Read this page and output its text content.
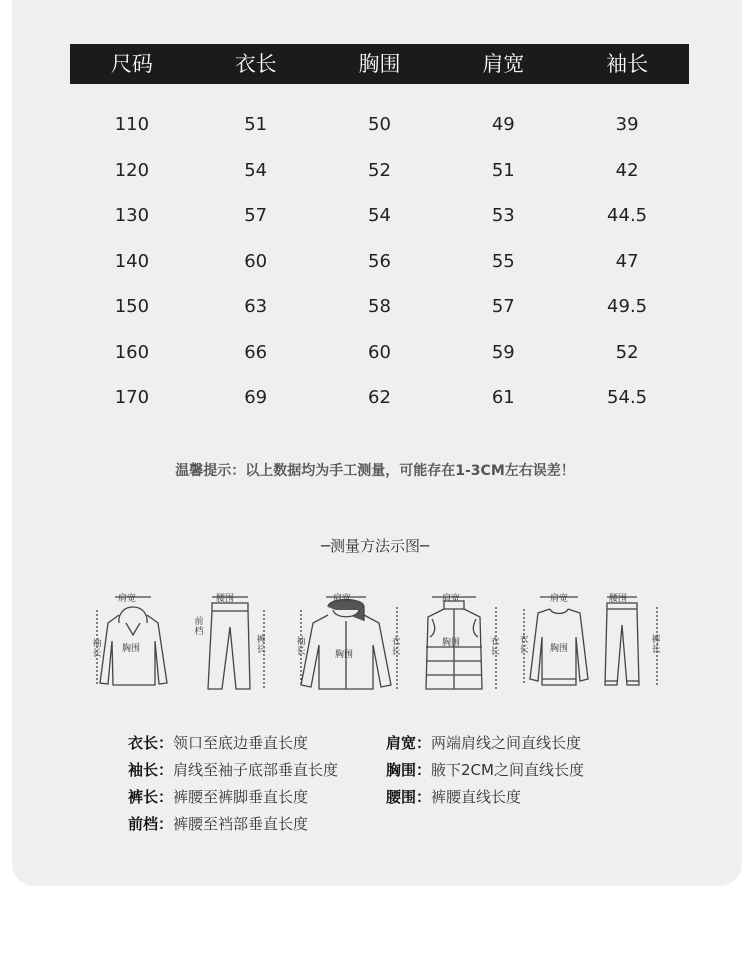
尺码	衣长	胸围	肩宽	袖长
110	51	50	49	39
120	54	52	51	42
130	57	54	53	44.5
140	60	56	55	47
150	63	58	57	49.5
160	66	60	59	52
170	69	62	61	54.5
温馨提示：以上数据均为手工测量，可能存在1-3CM左右误差！
─测量方法示图─
肩宽
胸围
袖长
腰围
前档
裤长
肩宽
胸围
袖长
衣长
肩宽
胸围	衣长
肩宽
胸围
衣长
腰围
裤长
衣长：领口至底边垂直长度
袖长：肩线至袖子底部垂直长度
裤长：裤腰至裤脚垂直长度
前档：裤腰至裆部垂直长度
肩宽：两端肩线之间直线长度
胸围：腋下2CM之间直线长度
腰围：裤腰直线长度
